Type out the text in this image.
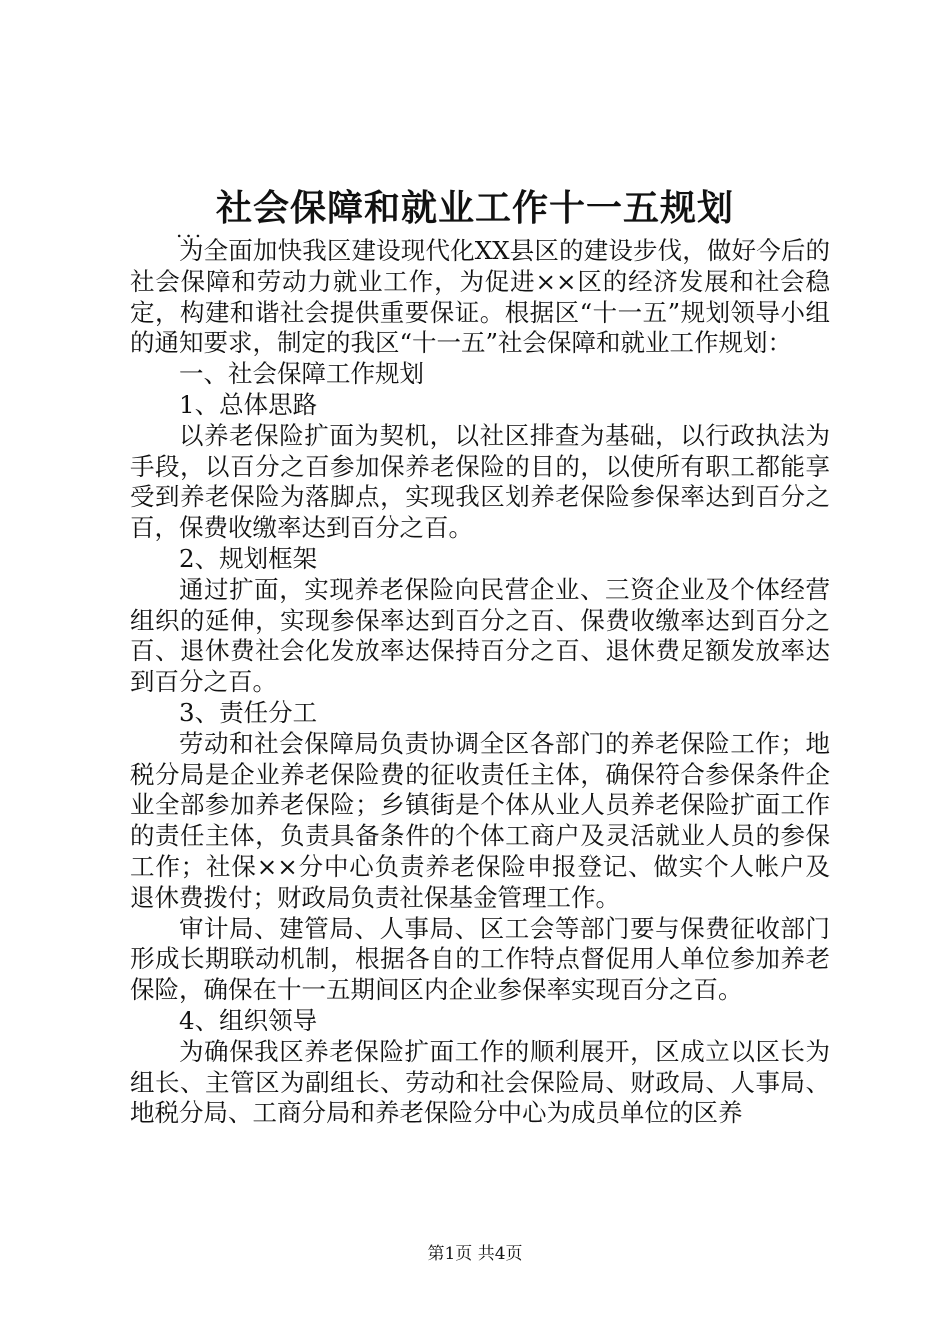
社会保障和就业工作十一五规划
...

为全面加快我区建设现代化XX县区的建设步伐，做好今后的社会保障和劳动力就业工作，为促进××区的经济发展和社会稳定，构建和谐社会提供重要保证。根据区“十一五”规划领导小组的通知要求，制定的我区“十一五”社会保障和就业工作规划：

一、社会保障工作规划

1、总体思路

以养老保险扩面为契机，以社区排查为基础，以行政执法为手段，以百分之百参加保养老保险的目的，以使所有职工都能享受到养老保险为落脚点，实现我区划养老保险参保率达到百分之百，保费收缴率达到百分之百。

2、规划框架

通过扩面，实现养老保险向民营企业、三资企业及个体经营组织的延伸，实现参保率达到百分之百、保费收缴率达到百分之百、退休费社会化发放率达保持百分之百、退休费足额发放率达到百分之百。

3、责任分工

劳动和社会保障局负责协调全区各部门的养老保险工作；地税分局是企业养老保险费的征收责任主体，确保符合参保条件企业全部参加养老保险；乡镇街是个体从业人员养老保险扩面工作的责任主体，负责具备条件的个体工商户及灵活就业人员的参保工作；社保××分中心负责养老保险申报登记、做实个人帐户及退休费拨付；财政局负责社保基金管理工作。

审计局、建管局、人事局、区工会等部门要与保费征收部门形成长期联动机制，根据各自的工作特点督促用人单位参加养老保险，确保在十一五期间区内企业参保率实现百分之百。

4、组织领导

为确保我区养老保险扩面工作的顺利展开，区成立以区长为组长、主管区为副组长、劳动和社会保险局、财政局、人事局、地税分局、工商分局和养老保险分中心为成员单位的区养

第1页 共4页
